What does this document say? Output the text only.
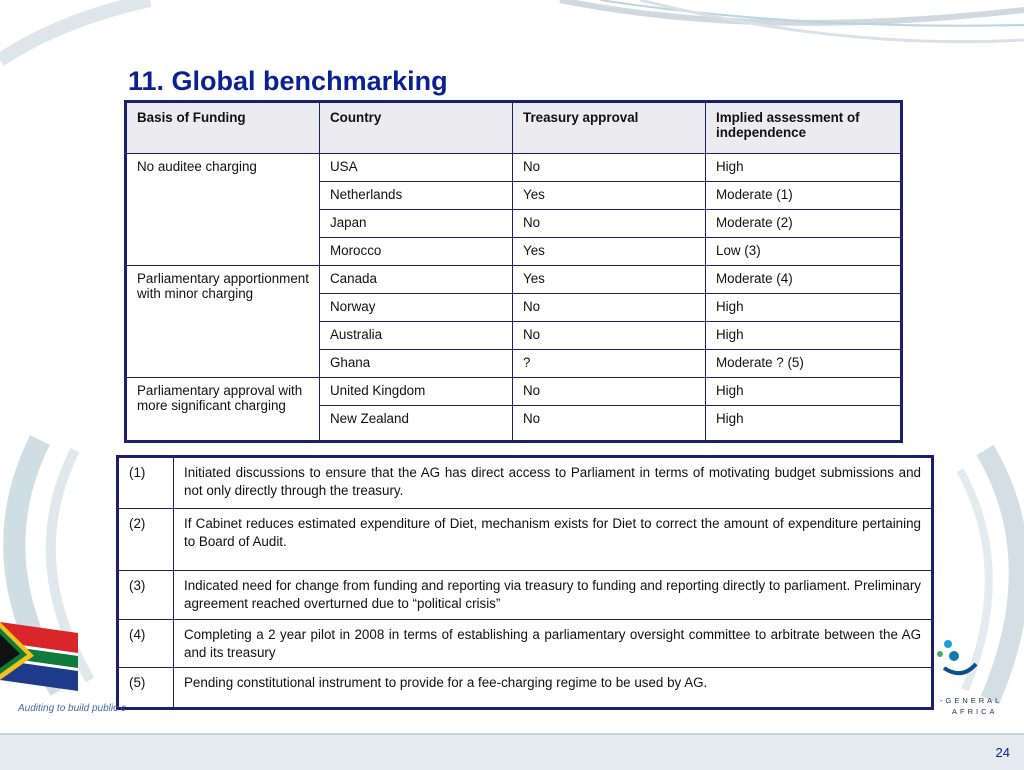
11. Global benchmarking
Basis of Funding	Country	Treasury approval	Implied assessment of independence
No auditee charging	USA	No	High
	Netherlands	Yes	Moderate (1)
	Japan	No	Moderate (2)
	Morocco	Yes	Low (3)
Parliamentary apportionment with minor charging	Canada	Yes	Moderate (4)
	Norway	No	High
	Australia	No	High
	Ghana	?	Moderate ? (5)
Parliamentary approval with more significant charging	United Kingdom	No	High
	New Zealand	No	High
(1)	Initiated discussions to ensure that the AG has direct access to Parliament in terms of motivating budget submissions and not only directly through the treasury.
(2)	If Cabinet reduces estimated expenditure of Diet, mechanism exists for Diet to correct the amount of expenditure pertaining to Board of Audit.
(3)	Indicated need for change from funding and reporting via treasury to funding and reporting directly to parliament. Preliminary agreement reached overturned due to “political crisis”
(4)	Completing a 2 year pilot in 2008 in terms of establishing a parliamentary oversight committee to arbitrate between the AG and its treasury
(5)	Pending constitutional instrument to provide for a fee-charging regime to be used by AG.
Auditing to build public c
-GENERAL
AFRICA
24
